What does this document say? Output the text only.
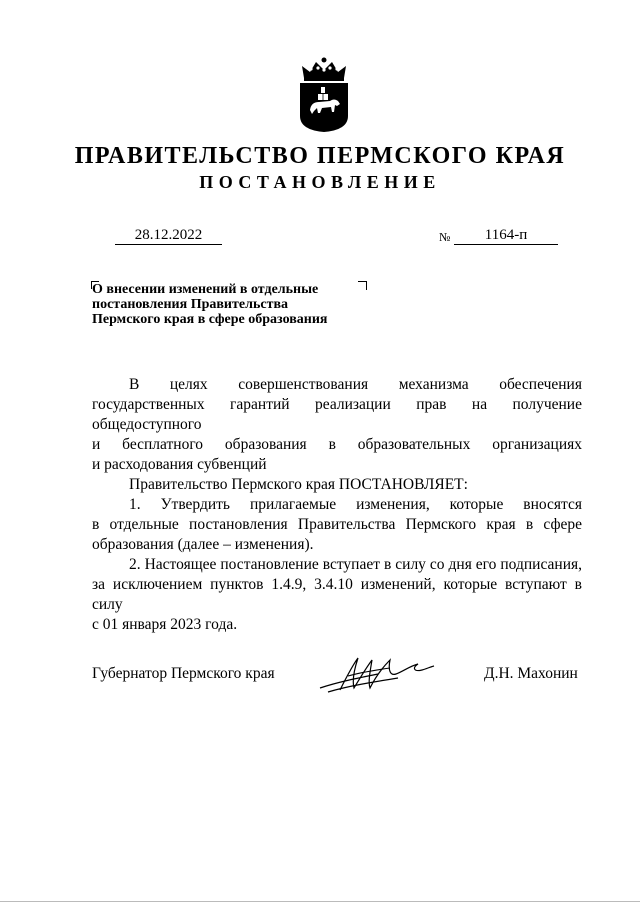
ПРАВИТЕЛЬСТВО ПЕРМСКОГО КРАЯ
ПОСТАНОВЛЕНИЕ
28.12.2022	№	1164-п
О внесении изменений в отдельные
постановления Правительства
Пермского края в сфере образования

В целях совершенствования механизма обеспечения

государственных гарантий реализации прав на получение общедоступного

и бесплатного образования в образовательных организациях

и расходования субвенций

Правительство Пермского края ПОСТАНОВЛЯЕТ:

1. Утвердить прилагаемые изменения, которые вносятся

в отдельные постановления Правительства Пермского края в сфере

образования (далее – изменения).

2. Настоящее постановление вступает в силу со дня его подписания,

за исключением пунктов 1.4.9, 3.4.10 изменений, которые вступают в силу

с 01 января 2023 года.

Губернатор Пермского края	Д.Н. Махонин
